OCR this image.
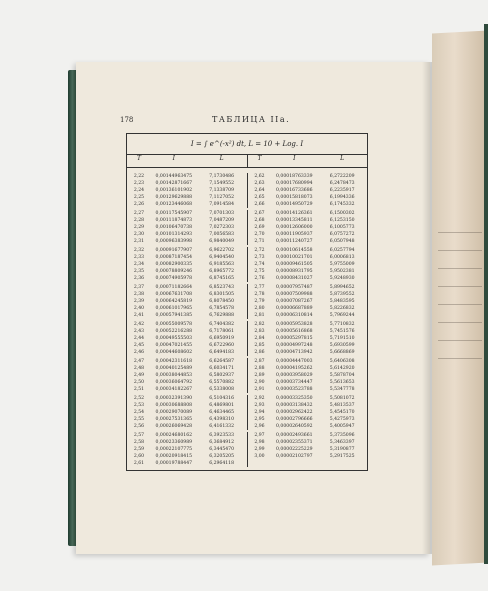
178	ТАБЛИЦА IIa.
I = ∫ e^(-x²) dt, L = 10 + Log. I
T	I	L	T	I	L
2,22	0,00144963475	7,1730486	2,62	0,00018763339	6,2722209
2,23	0,00142871667	7,1549552	2,63	0,00017680994	6,2478473
2,24	0,00136101902	7,1338709	2,64	0,00016733686	6,2235917
2,25	0,00129629888	7,1127052	2,65	0,00015818073	6,1994336
2,26	0,00123446068	7,0914584	2,66	0,00014950729	6,1745332
2,27	0,00117545907	7,0701303	2,67	0,00014126361	6,1500302
2,28	0,00111874873	7,0487209	2,68	0,00013345811	6,1253150
2,29	0,00106470738	7,0272303	2,69	0,00012606000	6,1005773
2,30	0,00101314293	7,0056583	2,70	0,00011905937	6,0757272
2,31	0,00096383998	6,9840049	2,71	0,00011240727	6,0507948
2,32	0,00091677907	6,9622702	2,72	0,00010614558	6,0257794
2,33	0,00087187454	6,9404540	2,73	0,00010021701	6,0006813
2,34	0,00082900335	6,9185563	2,74	0,00009461505	5,9755009
2,35	0,00078809246	6,8965772	2,75	0,00008931795	5,9502381
2,36	0,00074905978	6,8745165	2,76	0,00008431027	5,9248930
2,37	0,00071182664	6,8523743	2,77	0,00007957487	5,8994652
2,38	0,00067631708	6,8301505	2,78	0,00007509988	5,8739552
2,39	0,00064245819	6,8078450	2,79	0,00007087267	5,8483595
2,40	0,00061017965	6,7854578	2,80	0,00006687889	5,8226832
2,41	0,00057941385	6,7629888	2,81	0,00006310814	5,7969244
2,42	0,00055009578	6,7404382	2,82	0,00005953828	5,7710832
2,43	0,00052216288	6,7178061	2,83	0,00005616868	5,7451576
2,44	0,00049555503	6,6950919	2,84	0,00005297815	5,7191510
2,45	0,00047021455	6,6722960	2,85	0,00004997248	5,6930599
2,46	0,00044608602	6,6494183	2,86	0,00004713942	5,6668869
2,47	0,00042311618	6,6264587	2,87	0,00004447003	5,6406308
2,48	0,00040125489	6,6034171	2,88	0,00004195262	5,6142920
2,49	0,00038044853	6,5802937	2,89	0,00003958029	5,5878704
2,50	0,00036064792	6,5570882	2,90	0,00003734447	5,5613653
2,51	0,00034182267	6,5338008	2,91	0,00003523788	5,5347778
2,52	0,00032391390	6,5104316	2,92	0,00003325350	5,5081072
2,53	0,00030688808	6,4869801	2,93	0,00003138432	5,4813537
2,54	0,00029070089	6,4634465	2,94	0,00002962422	5,4545170
2,55	0,00027531365	6,4398310	2,95	0,00002796666	5,4275973
2,56	0,00026069428	6,4161332	2,96	0,00002640592	5,4005947
2,57	0,00024680162	6,3923533	2,97	0,00002493661	5,3735096
2,58	0,00023360989	6,3684912	2,98	0,00002355371	5,3463397
2,59	0,00022107775	6,3445470	2,99	0,00002225229	5,3190877
2,60	0,00020918415	6,3205205	3,00	0,00002102797	5,2917525
2,61	0,00019788447	6,2964118
